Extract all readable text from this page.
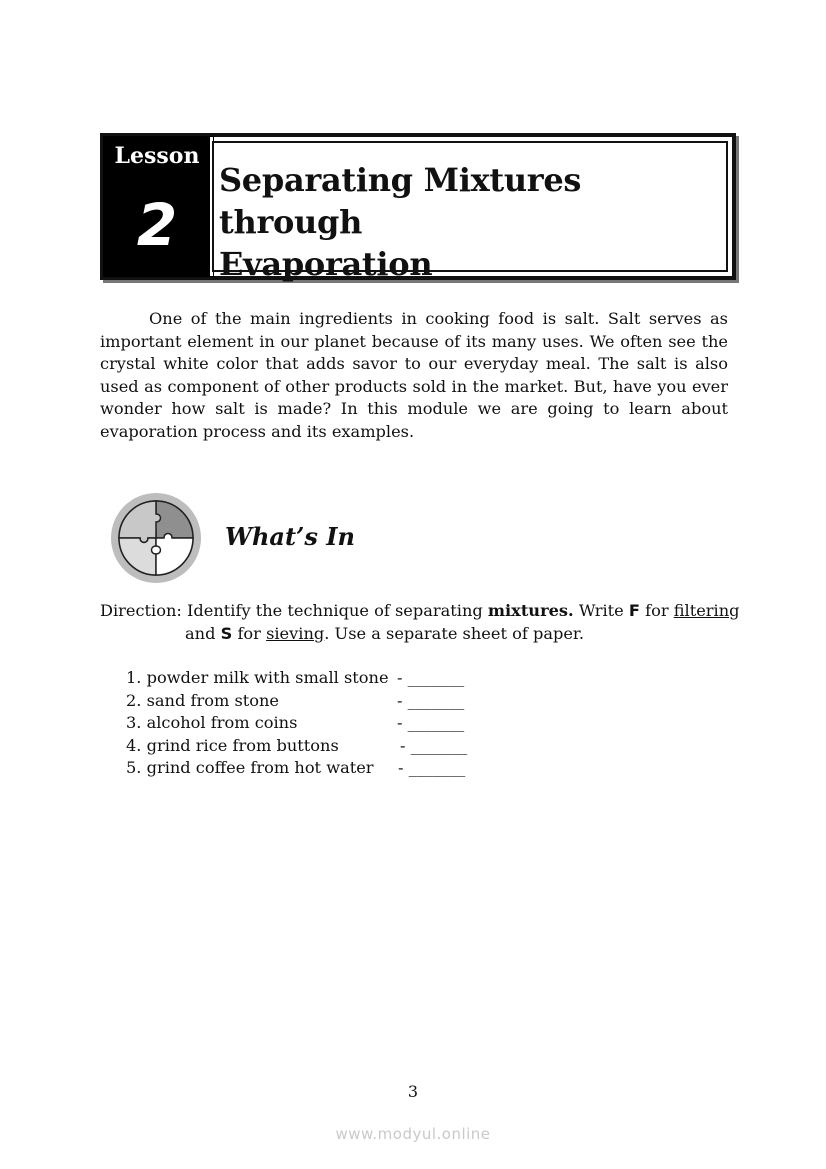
Lesson
2
Separating Mixtures through
Evaporation

One of the main ingredients in cooking food is salt. Salt serves as important element in our planet because of its many uses. We often see the crystal white color that adds savor to our everyday meal. The salt is also used as component of other products sold in the market. But, have you ever wonder how salt is made? In this module we are going to learn about evaporation process and its examples.

What’s In
Direction: Identify the technique of separating mixtures. Write F for filtering
and S for sieving. Use a separate sheet of paper.
1. powder milk with small stone - _______
2. sand from stone	- _______
3. alcohol from coins	- _______
4. grind rice from buttons	- _______
5. grind coffee from hot water - _______
3
www.modyul.online
